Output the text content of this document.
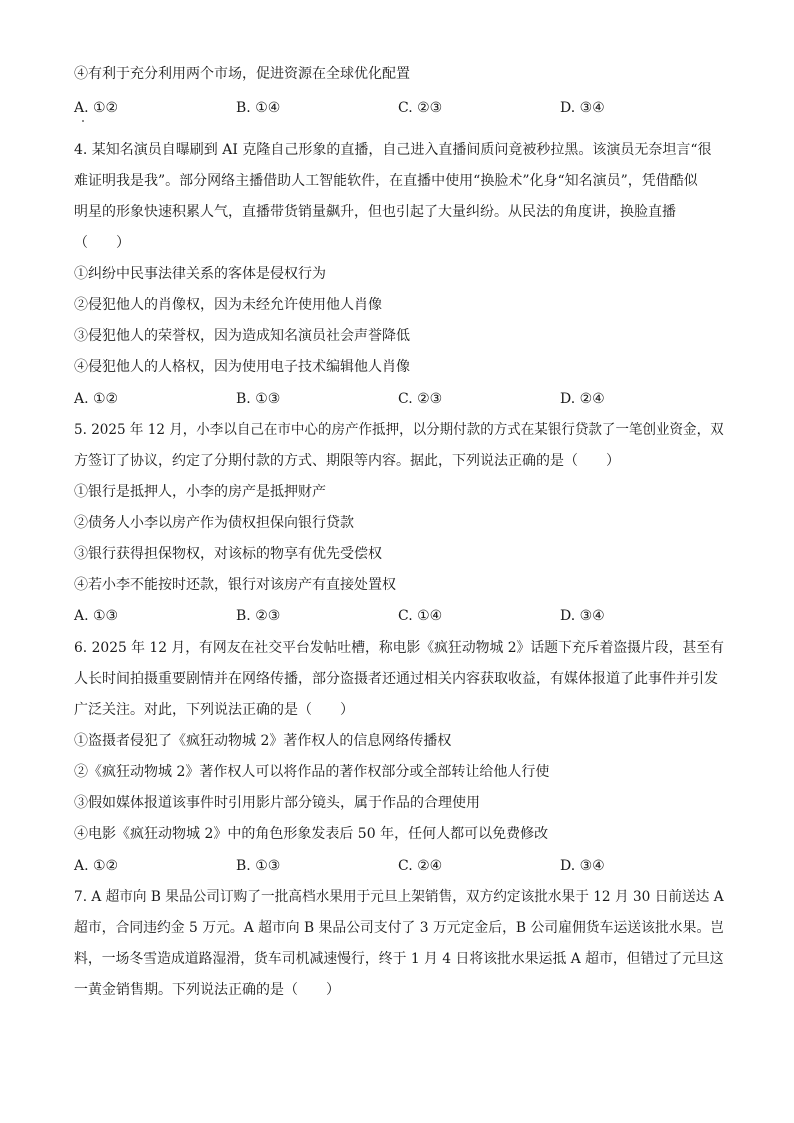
④有利于充分利用两个市场，促进资源在全球优化配置
A. ①②	B. ①④	C. ②③	D. ③④
4. 某知名演员自曝刷到 AI 克隆自己形象的直播，自己进入直播间质问竟被秒拉黑。该演员无奈坦言“很
难证明我是我”。部分网络主播借助人工智能软件，在直播中使用“换脸术”化身“知名演员”，凭借酷似
明星的形象快速积累人气，直播带货销量飙升，但也引起了大量纠纷。从民法的角度讲，换脸直播
（　　）
①纠纷中民事法律关系的客体是侵权行为
②侵犯他人的肖像权，因为未经允许使用他人肖像
③侵犯他人的荣誉权，因为造成知名演员社会声誉降低
④侵犯他人的人格权，因为使用电子技术编辑他人肖像
A. ①②	B. ①③	C. ②③	D. ②④
5. 2025 年 12 月，小李以自己在市中心的房产作抵押，以分期付款的方式在某银行贷款了一笔创业资金，双
方签订了协议，约定了分期付款的方式、期限等内容。据此，下列说法正确的是（　　）
①银行是抵押人，小李的房产是抵押财产
②债务人小李以房产作为债权担保向银行贷款
③银行获得担保物权，对该标的物享有优先受偿权
④若小李不能按时还款，银行对该房产有直接处置权
A. ①③	B. ②③	C. ①④	D. ③④
6. 2025 年 12 月，有网友在社交平台发帖吐槽，称电影《疯狂动物城 2》话题下充斥着盗摄片段，甚至有
人长时间拍摄重要剧情并在网络传播，部分盗摄者还通过相关内容获取收益，有媒体报道了此事件并引发
广泛关注。对此，下列说法正确的是（　　）
①盗摄者侵犯了《疯狂动物城 2》著作权人的信息网络传播权
②《疯狂动物城 2》著作权人可以将作品的著作权部分或全部转让给他人行使
③假如媒体报道该事件时引用影片部分镜头，属于作品的合理使用
④电影《疯狂动物城 2》中的角色形象发表后 50 年，任何人都可以免费修改
A. ①②	B. ①③	C. ②④	D. ③④
7. A 超市向 B 果品公司订购了一批高档水果用于元旦上架销售，双方约定该批水果于 12 月 30 日前送达 A
超市，合同违约金 5 万元。A 超市向 B 果品公司支付了 3 万元定金后，B 公司雇佣货车运送该批水果。岂
料，一场冬雪造成道路湿滑，货车司机减速慢行，终于 1 月 4 日将该批水果运抵 A 超市，但错过了元旦这
一黄金销售期。下列说法正确的是（　　）
